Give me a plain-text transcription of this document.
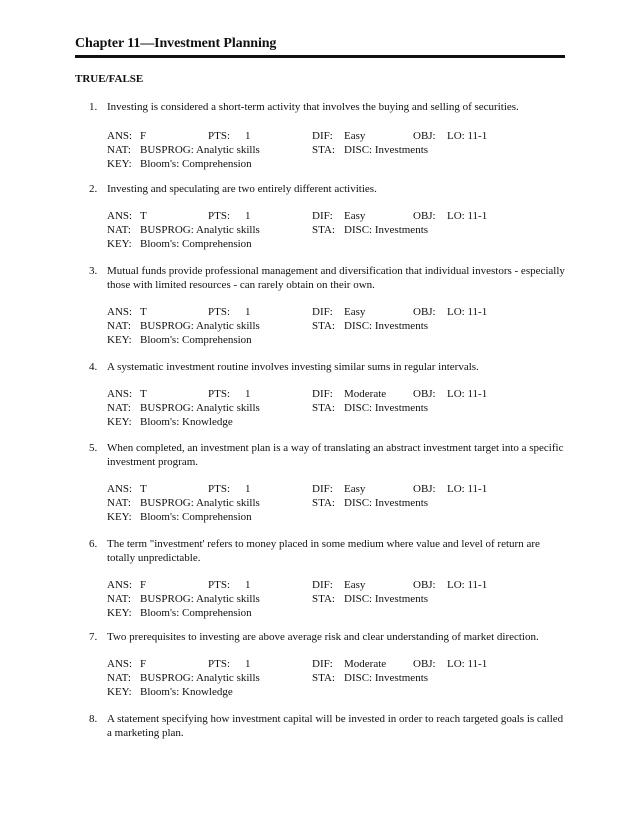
Chapter 11—Investment Planning
TRUE/FALSE
1. Investing is considered a short-term activity that involves the buying and selling of securities.
ANS: F	PTS: 1	DIF: Easy	OBJ: LO: 11-1
NAT: BUSPROG: Analytic skills	STA: DISC: Investments
KEY: Bloom's: Comprehension
2. Investing and speculating are two entirely different activities.
ANS: T	PTS: 1	DIF: Easy	OBJ: LO: 11-1
NAT: BUSPROG: Analytic skills	STA: DISC: Investments
KEY: Bloom's: Comprehension
3. Mutual funds provide professional management and diversification that individual investors - especially those with limited resources - can rarely obtain on their own.
ANS: T	PTS: 1	DIF: Easy	OBJ: LO: 11-1
NAT: BUSPROG: Analytic skills	STA: DISC: Investments
KEY: Bloom's: Comprehension
4. A systematic investment routine involves investing similar sums in regular intervals.
ANS: T	PTS: 1	DIF: Moderate OBJ: LO: 11-1
NAT: BUSPROG: Analytic skills	STA: DISC: Investments
KEY: Bloom's: Knowledge
5. When completed, an investment plan is a way of translating an abstract investment target into a specific investment program.
ANS: T	PTS: 1	DIF: Easy	OBJ: LO: 11-1
NAT: BUSPROG: Analytic skills	STA: DISC: Investments
KEY: Bloom's: Comprehension
6. The term "investment' refers to money placed in some medium where value and level of return are totally unpredictable.
ANS: F	PTS: 1	DIF: Easy	OBJ: LO: 11-1
NAT: BUSPROG: Analytic skills	STA: DISC: Investments
KEY: Bloom's: Comprehension
7. Two prerequisites to investing are above average risk and clear understanding of market direction.
ANS: F	PTS: 1	DIF: Moderate OBJ: LO: 11-1
NAT: BUSPROG: Analytic skills	STA: DISC: Investments
KEY: Bloom's: Knowledge
8. A statement specifying how investment capital will be invested in order to reach targeted goals is called a marketing plan.
